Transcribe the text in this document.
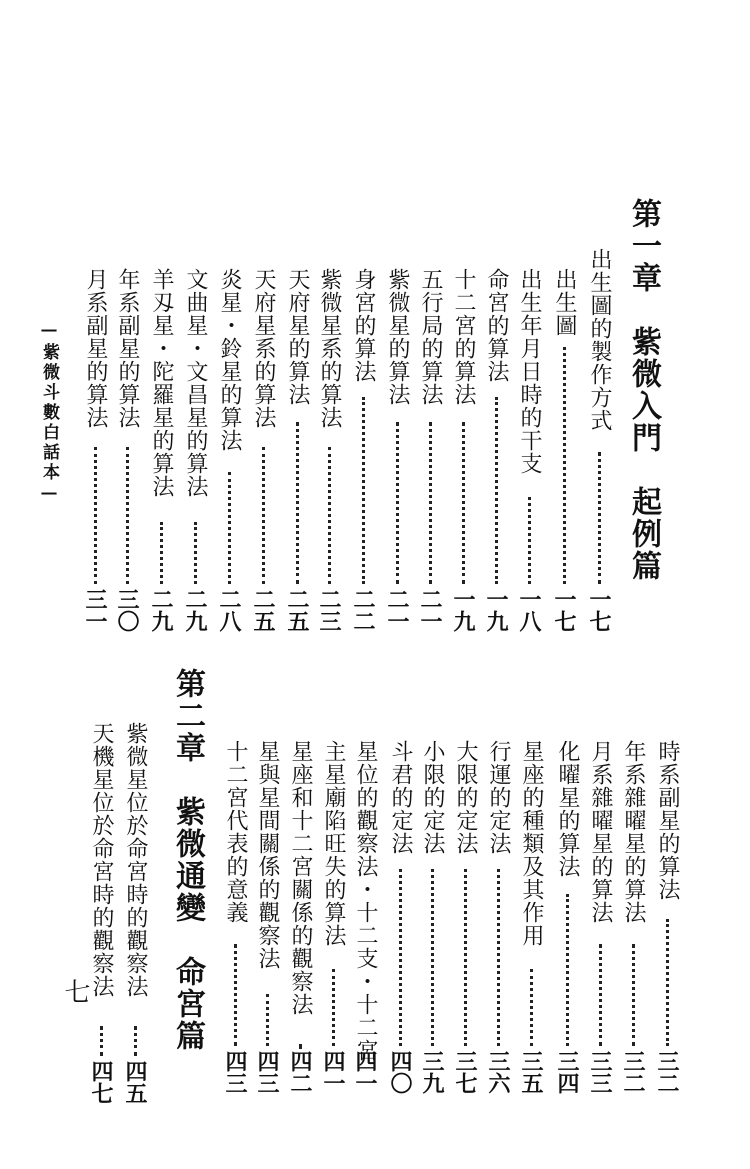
第一章　紫微入門　起例篇
出生圖的製作方式
一七
出生圖
一七
出生年月日時的干支
一八
命宮的算法
一九
十二宮的算法
一九
五行局的算法
二一
紫微星的算法
二一
身宮的算法
二二
紫微星系的算法
二三
天府星的算法
二五
天府星系的算法
二五
炎星・鈴星的算法
二八
文曲星・文昌星的算法
二九
羊刄星・陀羅星的算法
二九
年系副星的算法
三〇
月系副星的算法
三一
時系副星的算法
三二
年系雜曜星的算法
三二
月系雜曜星的算法
三三
化曜星的算法
三四
星座的種類及其作用
三五
行運的定法
三六
大限的定法
三七
小限的定法
三九
斗君的定法
四〇
星位的觀察法・十二支・十二宮
四一
主星廟陷旺失的算法
四一
星座和十二宮關係的觀察法
四二
星與星間關係的觀察法
四三
十二宮代表的意義
四三
第二章　紫微通變　命宮篇
紫微星位於命宮時的觀察法
四五
天機星位於命宮時的觀察法
四七
—紫微斗數白話本—
七
